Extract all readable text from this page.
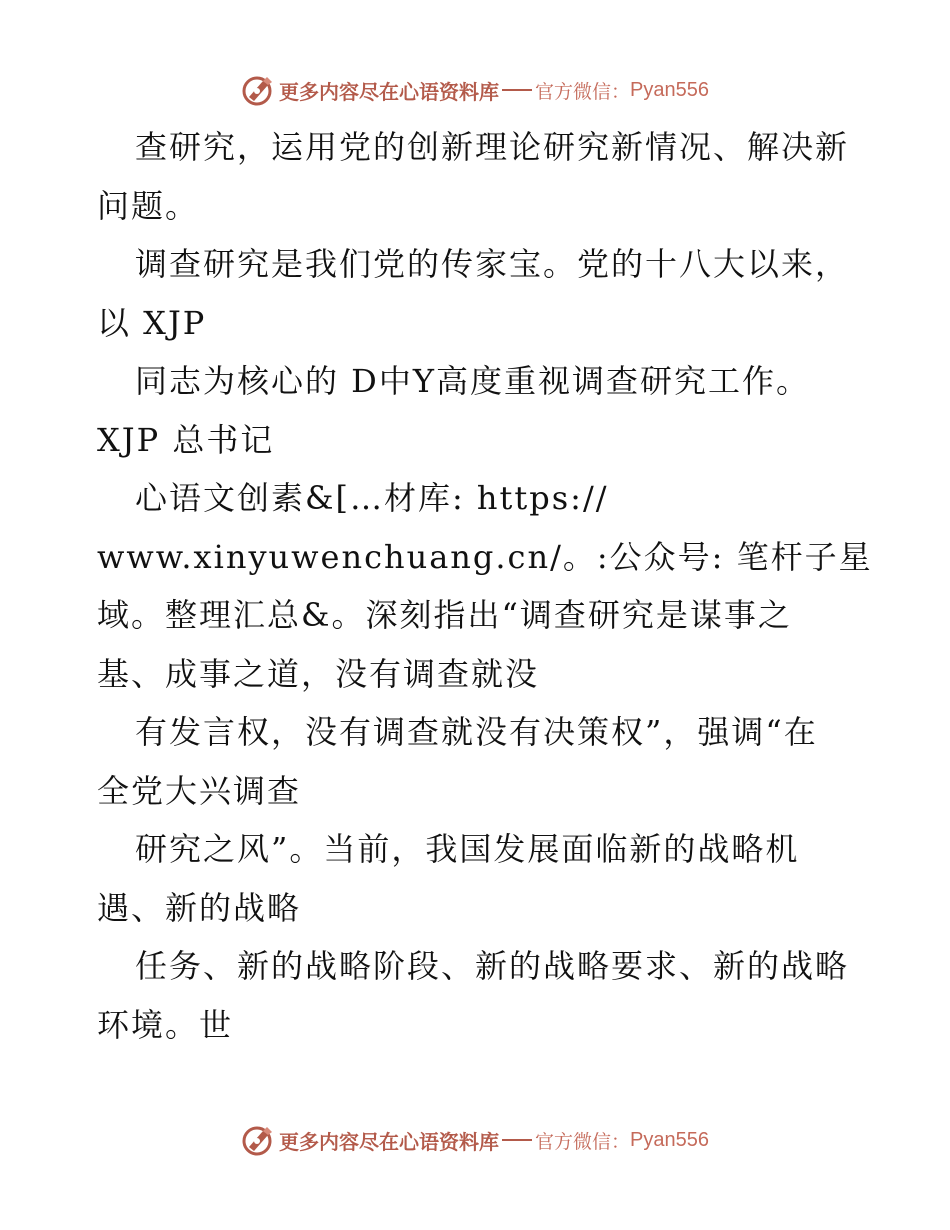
更多内容尽在心语资料库 官方微信： Pyan556
查研究，运用党的创新理论研究新情况、解决新
问题。
调查研究是我们党的传家宝。党的十八大以来，
以 XJP
同志为核心的 D中Y高度重视调查研究工作。
XJP 总书记
心语文创素&[…材库: https://
www.xinyuwenchuang.cn/。:公众号: 笔杆子星
域。整理汇总&。深刻指出“调查研究是谋事之
基、成事之道，没有调查就没
有发言权，没有调查就没有决策权”，强调“在
全党大兴调查
研究之风”。当前，我国发展面临新的战略机
遇、新的战略
任务、新的战略阶段、新的战略要求、新的战略
环境。世
更多内容尽在心语资料库 官方微信： Pyan556
